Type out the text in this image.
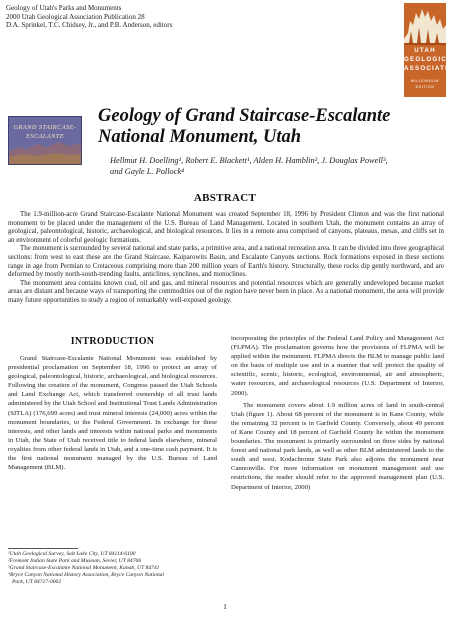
Geology of Utah's Parks and Monuments
2000 Utah Geological Association Publication 28
D.A. Sprinkel, T.C. Chidsey, Jr., and P.B. Anderson, editors
UTAH
GEOLOGICAL
ASSOCIATION
MILLENNIUM
EDITION
GRAND STAIRCASE-
ESCALANTE
Geology of Grand Staircase-Escalante National Monument, Utah
Hellmut H. Doelling¹, Robert E. Blackett¹, Alden H. Hamblin², J. Douglas Powell³,
and Gayle L. Pollock⁴
ABSTRACT

The 1.9-million-acre Grand Staircase-Escalante National Monument was created September 18, 1996 by President Clinton and was the first national monument to be placed under the management of the U.S. Bureau of Land Management. Located in southern Utah, the monument contains an array of geological, paleontological, historic, archaeological, and biological resources. It lies in a remote area comprised of canyons, plateaus, mesas, and cliffs set in an environment of colorful geologic formations.

The monument is surrounded by several national and state parks, a primitive area, and a national recreation area. It can be divided into three geographical sections: from west to east these are the Grand Staircase, Kaiparowits Basin, and Escalante Canyons sections. Rock formations exposed in these sections range in age from Permian to Cretaceous comprising more than 200 million years of Earth's history. Structurally, these rocks dip gently northward, and are deformed by mostly north-south-trending faults, anticlines, synclines, and monoclines.

The monument area contains known coal, oil and gas, and mineral resources and potential resources which are generally undeveloped because market areas are distant and because ways of transporting the commodities out of the region have never been in place. As a national monument, the area will provide many future opportunities to study a region of remarkably well-exposed geology.

INTRODUCTION

Grand Staircase-Escalante National Monument was established by presidential proclamation on September 18, 1996 to protect an array of geological, paleontological, historic, archaeological, and biological resources. Following the creation of the monument, Congress passed the Utah Schools and Land Exchange Act, which transferred ownership of all trust lands administered by the Utah School and Institutional Trust Lands Administration (SITLA) (176,699 acres) and trust mineral interests (24,000) acres within the monument boundaries, to the Federal Government. In exchange for these interests, and other lands and interests within national parks and monuments in Utah, the State of Utah received title to federal lands elsewhere, mineral royalties from other federal lands in Utah, and a one-time cash payment. It is the first national monument managed by the U.S. Bureau of Land Management (BLM).

incorporating the principles of the Federal Land Policy and Management Act (FLPMA). The proclamation governs how the provisions of FLPMA will be applied within the monument. FLPMA directs the BLM to manage public land on the basis of multiple use and in a manner that will protect the quality of scientific, scenic, historic, ecological, environmental, air and atmospheric, water resources, and archaeological resources (U.S. Department of Interior, 2000).

The monument covers about 1.9 million acres of land in south-central Utah (figure 1). About 68 percent of the monument is in Kane County, while the remaining 32 percent is in Garfield County. Conversely, about 49 percent of Kane County and 18 percent of Garfield County lie within the monument boundaries. The monument is primarily surrounded on three sides by national forest and national park lands, as well as other BLM administered lands to the south and west. Kodachrome State Park also adjoins the monument near Cannonville. For more information on monument management and use restrictions, the reader should refer to the approved management plan (U.S. Department of Interior, 2000)

¹Utah Geological Survey, Salt Lake City, UT 84114-6100
²Fremont Indian State Park and Museum, Sevier, UT 84766
³Grand Staircase-Escalante National Monument, Kanab, UT 84741
⁴Bryce Canyon National History Association, Bryce Canyon National
Park, UT 84717-0002
1
